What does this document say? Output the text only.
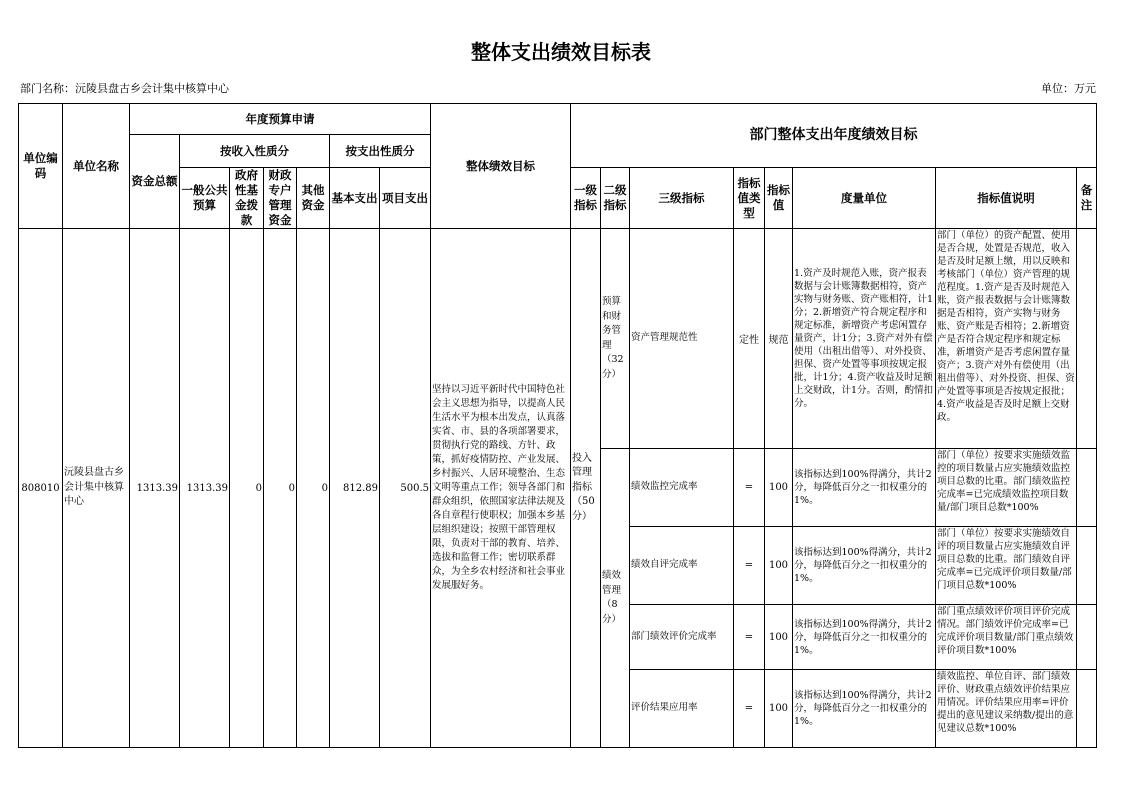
整体支出绩效目标表
部门名称：沅陵县盘古乡会计集中核算中心	单位：万元
单位编码	单位名称	年度预算申请							整体绩效目标	部门整体支出年度绩效目标							
		资金总额	按收入性质分				按支出性质分										
			一般公共预算	政府性基金拨款	财政专户管理资金	其他资金	基本支出	项目支出		一级指标	二级指标	三级指标	指标值类型	指标值	度量单位	指标值说明	备注
808010	沅陵县盘古乡会计集中核算中心	1313.39	1313.39	0	0	0	812.89	500.5	坚持以习近平新时代中国特色社会主义思想为指导，以提高人民生活水平为根本出发点，认真落实省、市、县的各项部署要求，贯彻执行党的路线、方针、政策，抓好疫情防控、产业发展、乡村振兴、人居环境整治、生态文明等重点工作；领导各部门和群众组织，依照国家法律法规及各自章程行使职权；加强本乡基层组织建设；按照干部管理权限，负责对干部的教育、培养、选拔和监督工作；密切联系群众，为全乡农村经济和社会事业发展服好务。	投入管理指标（50分）	预算和财务管理（32分）	资产管理规范性	定性	规范	1.资产及时规范入账，资产报表数据与会计账簿数据相符，资产实物与财务账、资产账相符，计1分；2.新增资产符合规定程序和规定标准，新增资产考虑闲置存量资产，计1分；3.资产对外有偿使用（出租出借等）、对外投资、担保、资产处置等事项按规定报批，计1分；4.资产收益及时足额上交财政，计1分。否则，酌情扣分。	部门（单位）的资产配置、使用是否合规，处置是否规范，收入是否及时足额上缴，用以反映和考核部门（单位）资产管理的规范程度。1.资产是否及时规范入账，资产报表数据与会计账簿数据是否相符，资产实物与财务账、资产账是否相符；2.新增资产是否符合规定程序和规定标准，新增资产是否考虑闲置存量资产；3.资产对外有偿使用（出租出借等）、对外投资、担保、资产处置等事项是否按规定报批；4.资产收益是否及时足额上交财政。	

											绩效管理（8分）	绩效监控完成率	=	100	该指标达到100%得满分，共计2分，每降低百分之一扣权重分的1%。	部门（单位）按要求实施绩效监控的项目数量占应实施绩效监控项目总数的比重。部门绩效监控完成率=已完成绩效监控项目数量/部门项目总数*100%	

												绩效自评完成率	=	100	该指标达到100%得满分，共计2分，每降低百分之一扣权重分的1%。	部门（单位）按要求实施绩效自评的项目数量占应实施绩效自评项目总数的比重。部门绩效自评完成率=已完成评价项目数量/部门项目总数*100%	

												部门绩效评价完成率	=	100	该指标达到100%得满分，共计2分，每降低百分之一扣权重分的1%。	部门重点绩效评价项目评价完成情况。部门绩效评价完成率=已完成评价项目数量/部门重点绩效评价项目数*100%	

												评价结果应用率	=	100	该指标达到100%得满分，共计2分，每降低百分之一扣权重分的1%。	绩效监控、单位自评、部门绩效评价、财政重点绩效评价结果应用情况。评价结果应用率=评价提出的意见建议采纳数/提出的意见建议总数*100%	
